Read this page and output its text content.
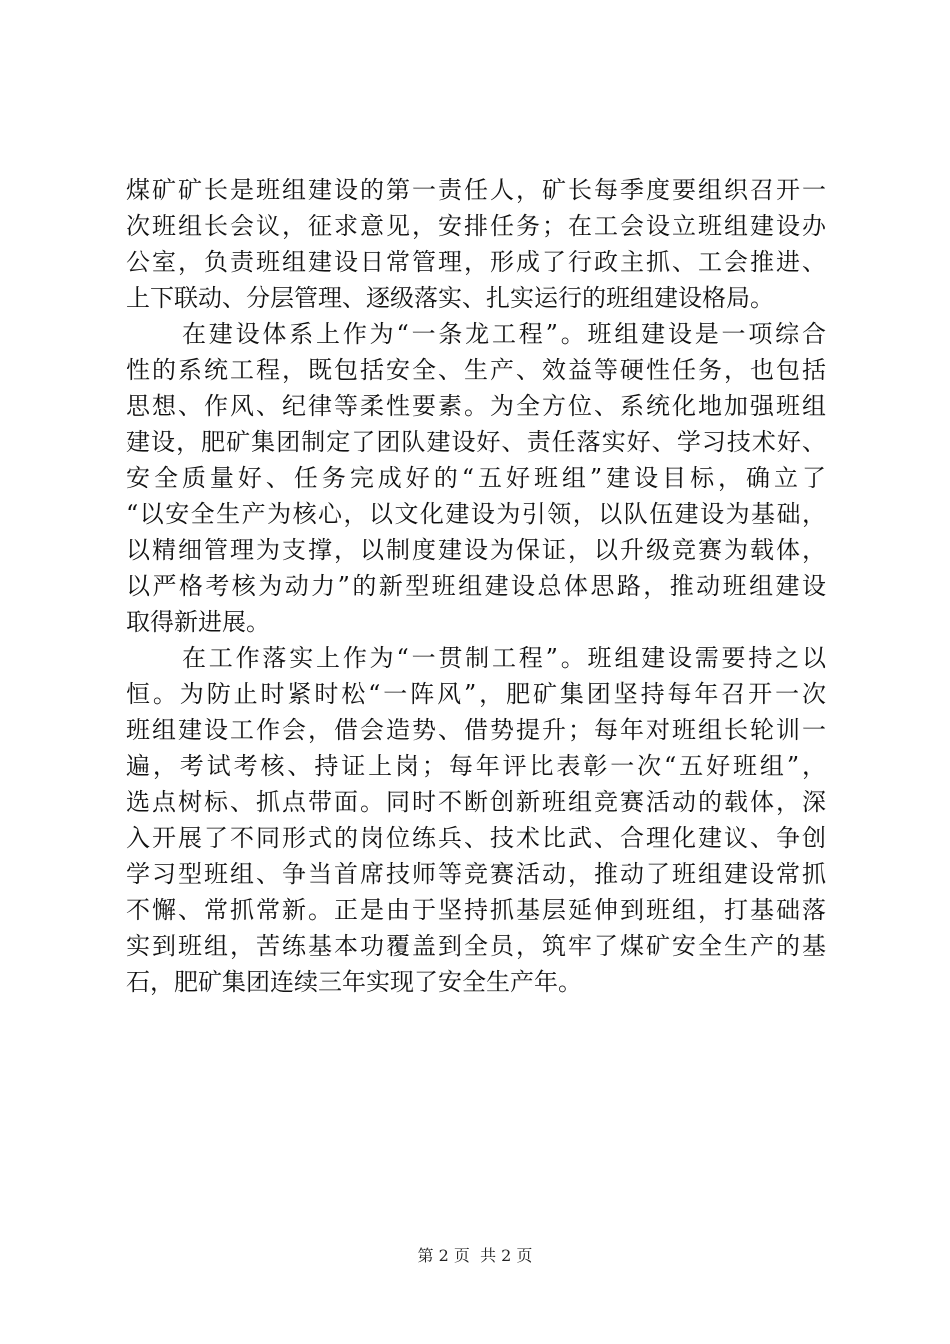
煤矿矿长是班组建设的第一责任人，矿长每季度要组织召开一
次班组长会议，征求意见，安排任务；在工会设立班组建设办
公室，负责班组建设日常管理，形成了行政主抓、工会推进、
上下联动、分层管理、逐级落实、扎实运行的班组建设格局。
在建设体系上作为“一条龙工程”。班组建设是一项综合
性的系统工程，既包括安全、生产、效益等硬性任务，也包括
思想、作风、纪律等柔性要素。为全方位、系统化地加强班组
建设，肥矿集团制定了团队建设好、责任落实好、学习技术好、
安全质量好、任务完成好的“五好班组”建设目标，确立了
“以安全生产为核心，以文化建设为引领，以队伍建设为基础，
以精细管理为支撑，以制度建设为保证，以升级竞赛为载体，
以严格考核为动力”的新型班组建设总体思路，推动班组建设
取得新进展。
在工作落实上作为“一贯制工程”。班组建设需要持之以
恒。为防止时紧时松“一阵风”，肥矿集团坚持每年召开一次
班组建设工作会，借会造势、借势提升；每年对班组长轮训一
遍，考试考核、持证上岗；每年评比表彰一次“五好班组”，
选点树标、抓点带面。同时不断创新班组竞赛活动的载体，深
入开展了不同形式的岗位练兵、技术比武、合理化建议、争创
学习型班组、争当首席技师等竞赛活动，推动了班组建设常抓
不懈、常抓常新。正是由于坚持抓基层延伸到班组，打基础落
实到班组，苦练基本功覆盖到全员，筑牢了煤矿安全生产的基
石，肥矿集团连续三年实现了安全生产年。
第 2 页  共 2 页
